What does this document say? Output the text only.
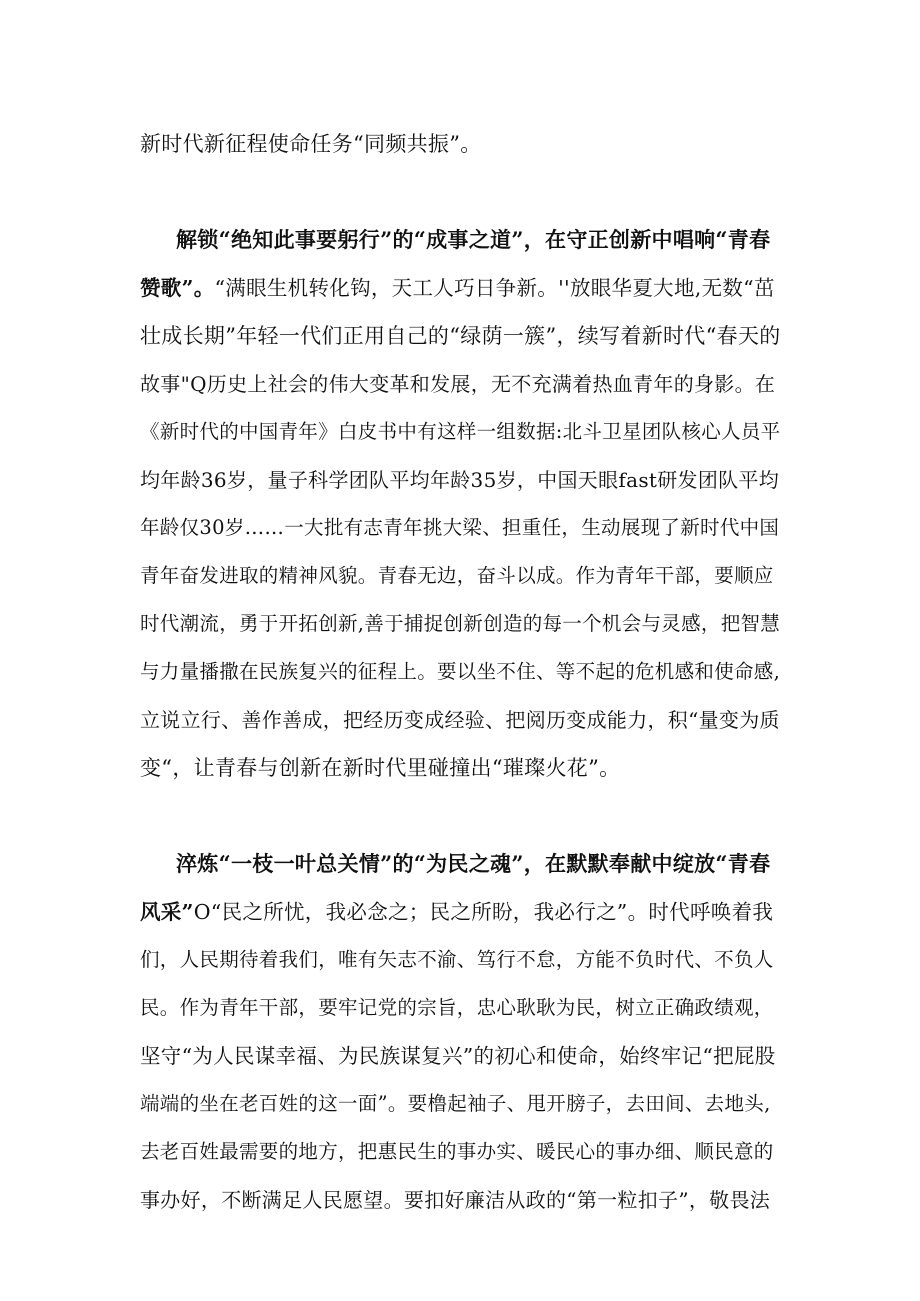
新时代新征程使命任务“同频共振”。
解锁“绝知此事要躬行”的“成事之道”，在守正创新中唱响“青春
赞歌”。“满眼生机转化钩，天工人巧日争新。''放眼华夏大地,无数“茁
壮成长期”年轻一代们正用自己的“绿荫一簇”，续写着新时代“春天的
故事"Q历史上社会的伟大变革和发展，无不充满着热血青年的身影。在
《新时代的中国青年》白皮书中有这样一组数据:北斗卫星团队核心人员平
均年龄36岁，量子科学团队平均年龄35岁，中国天眼fast研发团队平均
年龄仅30岁……一大批有志青年挑大梁、担重任，生动展现了新时代中国
青年奋发进取的精神风貌。青春无边，奋斗以成。作为青年干部，要顺应
时代潮流，勇于开拓创新,善于捕捉创新创造的每一个机会与灵感，把智慧
与力量播撒在民族复兴的征程上。要以坐不住、等不起的危机感和使命感,
立说立行、善作善成，把经历变成经验、把阅历变成能力，积“量变为质
变“，让青春与创新在新时代里碰撞出“璀璨火花”。
淬炼“一枝一叶总关情”的“为民之魂”，在默默奉献中绽放“青春
风采”O“民之所忧，我必念之；民之所盼，我必行之”。时代呼唤着我
们，人民期待着我们，唯有矢志不渝、笃行不怠，方能不负时代、不负人
民。作为青年干部，要牢记党的宗旨，忠心耿耿为民，树立正确政绩观，
坚守“为人民谋幸福、为民族谋复兴”的初心和使命，始终牢记“把屁股
端端的坐在老百姓的这一面”。要橹起袖子、甩开膀子，去田间、去地头,
去老百姓最需要的地方，把惠民生的事办实、暖民心的事办细、顺民意的
事办好，不断满足人民愿望。要扣好廉洁从政的“第一粒扣子”，敬畏法
